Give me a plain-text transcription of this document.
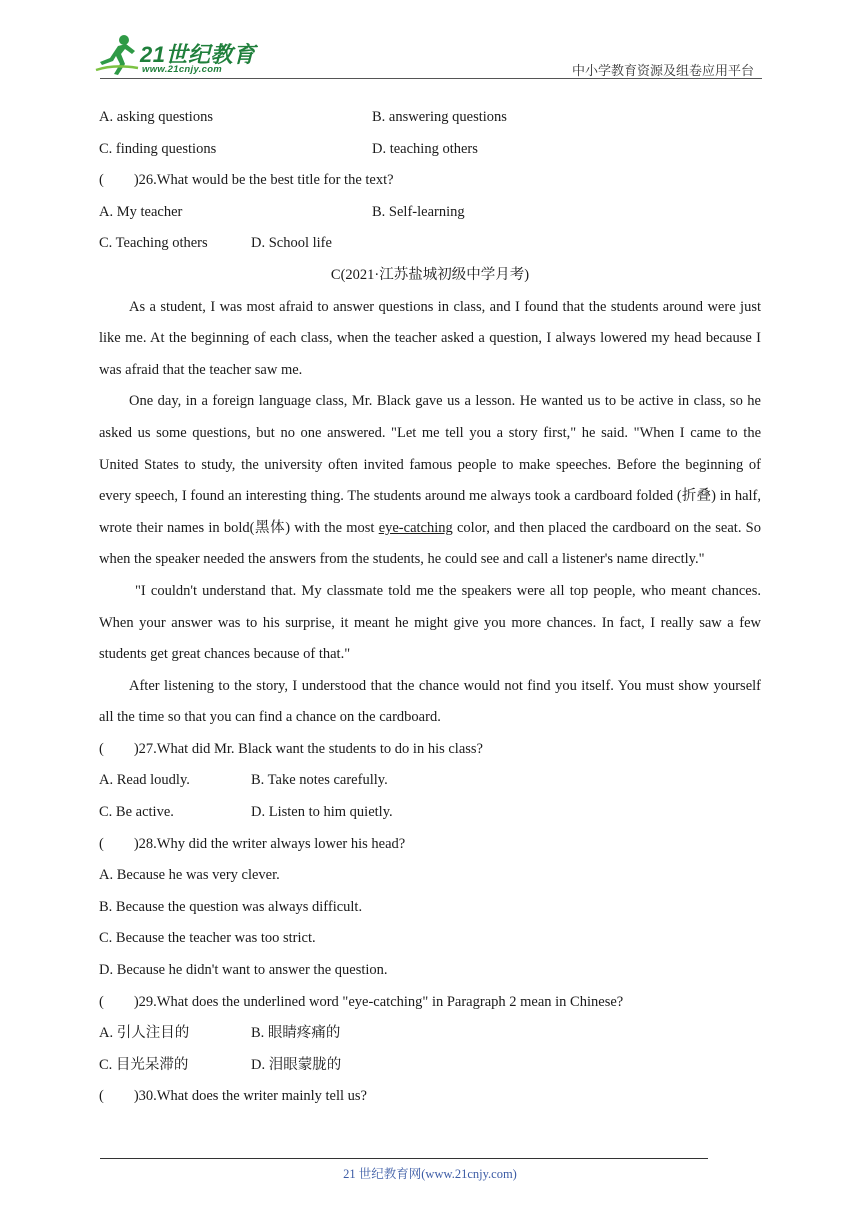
21世纪教育
www.21cnjy.com	中小学教育资源及组卷应用平台
A. asking questions	B. answering questions
C. finding questions	D. teaching others
( )26.What would be the best title for the text?
A. My teacher	B. Self-learning
C. Teaching others	D. School life
C(2021·江苏盐城初级中学月考)

As a student, I was most afraid to answer questions in class, and I found that the students around were just like me. At the beginning of each class, when the teacher asked a question, I always lowered my head because I was afraid that the teacher saw me.

One day, in a foreign language class, Mr. Black gave us a lesson. He wanted us to be active in class, so he asked us some questions, but no one answered. "Let me tell you a story first," he said. "When I came to the United States to study, the university often invited famous people to make speeches. Before the beginning of every speech, I found an interesting thing. The students around me always took a cardboard folded (折叠) in half, wrote their names in bold(黑体) with the most eye-catching color, and then placed the cardboard on the seat. So when the speaker needed the answers from the students, he could see and call a listener's name directly."

"I couldn't understand that. My classmate told me the speakers were all top people, who meant chances. When your answer was to his surprise, it meant he might give you more chances. In fact, I really saw a few students get great chances because of that."

After listening to the story, I understood that the chance would not find you itself. You must show yourself all the time so that you can find a chance on the cardboard.

( )27.What did Mr. Black want the students to do in his class?
A. Read loudly.	B. Take notes carefully.
C. Be active.	D. Listen to him quietly.
( )28.Why did the writer always lower his head?
A. Because he was very clever.
B. Because the question was always difficult.
C. Because the teacher was too strict.
D. Because he didn't want to answer the question.
( )29.What does the underlined word "eye-catching" in Paragraph 2 mean in Chinese?
A. 引人注目的	B. 眼睛疼痛的
C. 目光呆滞的	D. 泪眼蒙胧的
( )30.What does the writer mainly tell us?
21 世纪教育网(www.21cnjy.com)
